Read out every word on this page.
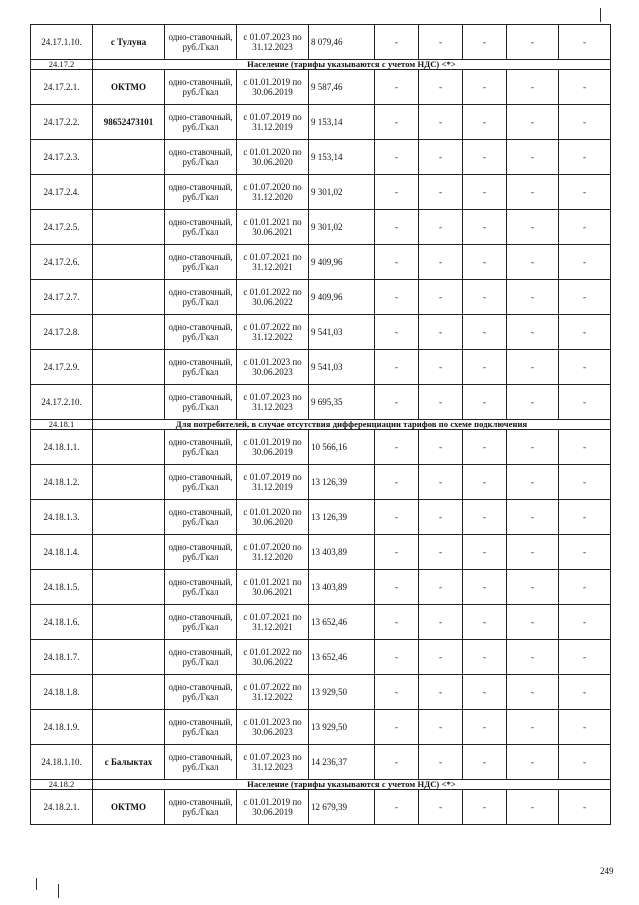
24.17.1.10.	с Тулуна	одно-ставочный, руб./Гкал	с 01.07.2023 по 31.12.2023	8 079,46	-	-	-	-	-
24.17.2	Население (тарифы указываются с учетом НДС) <*>								
24.17.2.1.	ОКТМО	одно-ставочный, руб./Гкал	с 01.01.2019 по 30.06.2019	9 587,46	-	-	-	-	-
24.17.2.2.	98652473101	одно-ставочный, руб./Гкал	с 01.07.2019 по 31.12.2019	9 153,14	-	-	-	-	-
24.17.2.3.		одно-ставочный, руб./Гкал	с 01.01.2020 по 30.06.2020	9 153,14	-	-	-	-	-
24.17.2.4.		одно-ставочный, руб./Гкал	с 01.07.2020 по 31.12.2020	9 301,02	-	-	-	-	-
24.17.2.5.		одно-ставочный, руб./Гкал	с 01.01.2021 по 30.06.2021	9 301,02	-	-	-	-	-
24.17.2.6.		одно-ставочный, руб./Гкал	с 01.07.2021 по 31.12.2021	9 409,96	-	-	-	-	-
24.17.2.7.		одно-ставочный, руб./Гкал	с 01.01.2022 по 30.06.2022	9 409,96	-	-	-	-	-
24.17.2.8.		одно-ставочный, руб./Гкал	с 01.07.2022 по 31.12.2022	9 541,03	-	-	-	-	-
24.17.2.9.		одно-ставочный, руб./Гкал	с 01.01.2023 по 30.06.2023	9 541,03	-	-	-	-	-
24.17.2.10.		одно-ставочный, руб./Гкал	с 01.07.2023 по 31.12.2023	9 695,35	-	-	-	-	-
24.18.1	Для потребителей, в случае отсутствия дифференциации тарифов по схеме подключения								
24.18.1.1.		одно-ставочный, руб./Гкал	с 01.01.2019 по 30.06.2019	10 566,16	-	-	-	-	-
24.18.1.2.		одно-ставочный, руб./Гкал	с 01.07.2019 по 31.12.2019	13 126,39	-	-	-	-	-
24.18.1.3.		одно-ставочный, руб./Гкал	с 01.01.2020 по 30.06.2020	13 126,39	-	-	-	-	-
24.18.1.4.		одно-ставочный, руб./Гкал	с 01.07.2020 по 31.12.2020	13 403,89	-	-	-	-	-
24.18.1.5.		одно-ставочный, руб./Гкал	с 01.01.2021 по 30.06.2021	13 403,89	-	-	-	-	-
24.18.1.6.		одно-ставочный, руб./Гкал	с 01.07.2021 по 31.12.2021	13 652,46	-	-	-	-	-
24.18.1.7.		одно-ставочный, руб./Гкал	с 01.01.2022 по 30.06.2022	13 652,46	-	-	-	-	-
24.18.1.8.		одно-ставочный, руб./Гкал	с 01.07.2022 по 31.12.2022	13 929,50	-	-	-	-	-
24.18.1.9.		одно-ставочный, руб./Гкал	с 01.01.2023 по 30.06.2023	13 929,50	-	-	-	-	-
24.18.1.10.	с Балыктах	одно-ставочный, руб./Гкал	с 01.07.2023 по 31.12.2023	14 236,37	-	-	-	-	-
24.18.2	Население (тарифы указываются с учетом НДС) <*>								
24.18.2.1.	ОКТМО	одно-ставочный, руб./Гкал	с 01.01.2019 по 30.06.2019	12 679,39	-	-	-	-	-
249
